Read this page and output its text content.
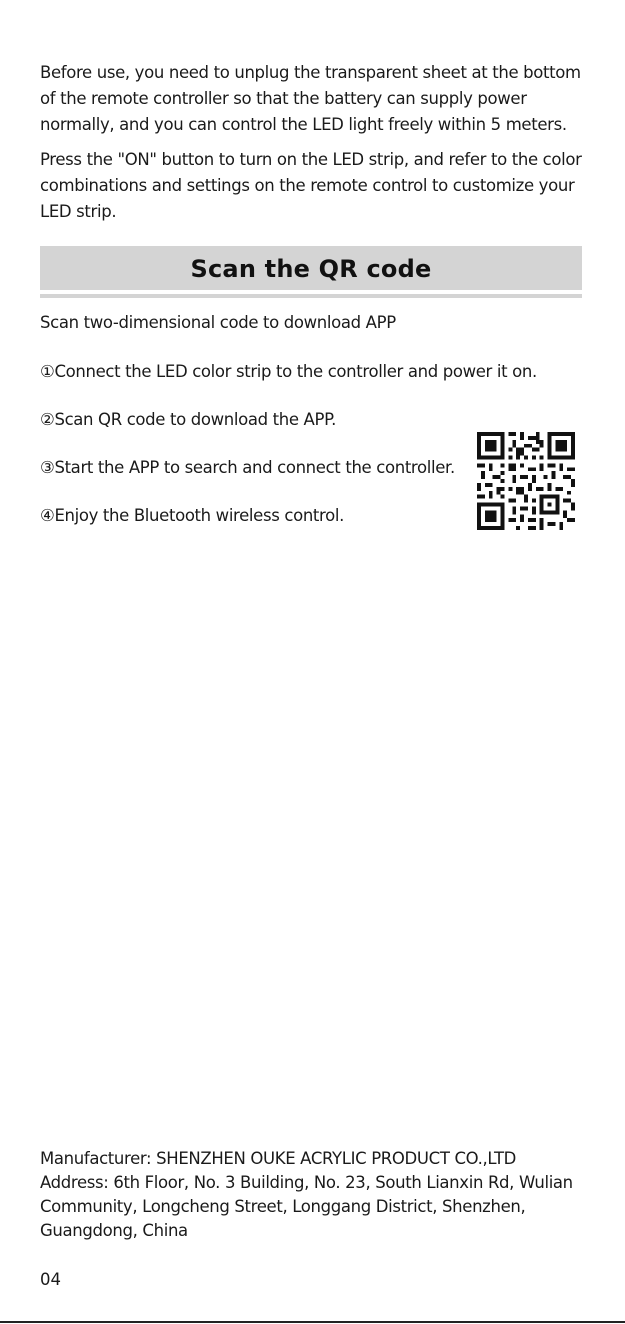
Before use, you need to unplug the transparent sheet at the bottom of the remote controller so that the battery can supply power normally, and you can control the LED light freely within 5 meters.

Press the "ON" button to turn on the LED strip, and refer to the color combinations and settings on the remote control to customize your LED strip.

Scan the QR code
Scan two-dimensional code to download APP
①Connect the LED color strip to the controller and power it on.
②Scan QR code to download the APP.
③Start the APP to search and connect the controller.
④Enjoy the Bluetooth wireless control.

Manufacturer: SHENZHEN OUKE ACRYLIC PRODUCT CO.,LTD
Address: 6th Floor, No. 3 Building, No. 23, South Lianxin Rd, Wulian Community, Longcheng Street, Longgang District, Shenzhen, Guangdong, China

04
